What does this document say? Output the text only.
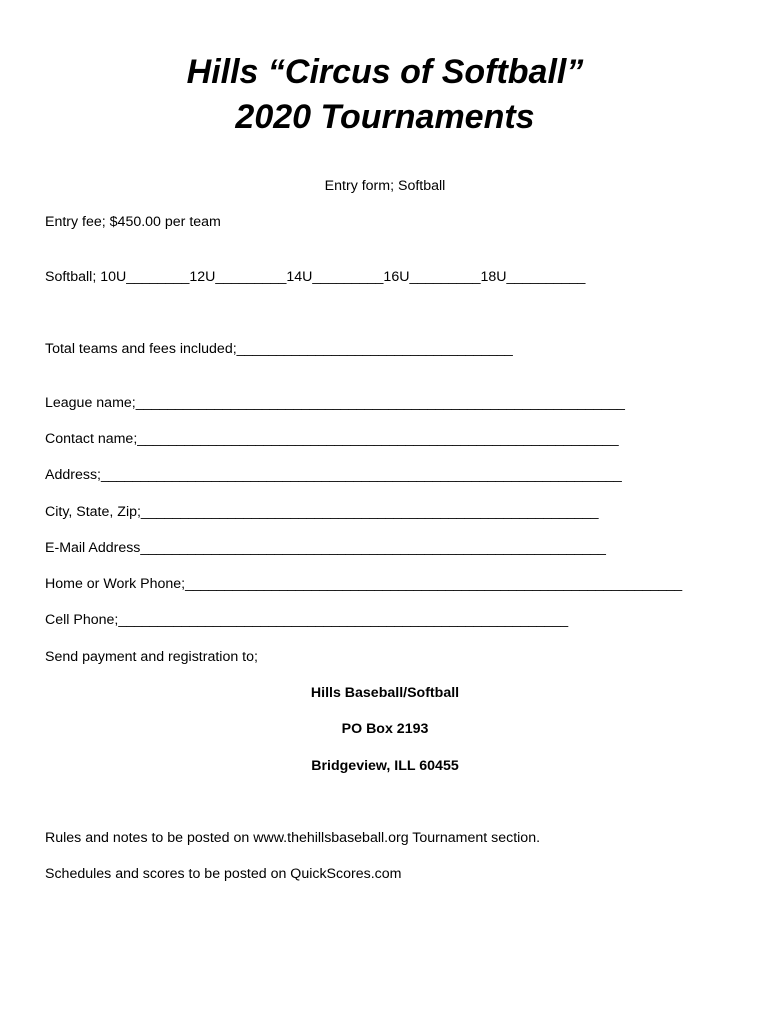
Hills “Circus of Softball”
2020 Tournaments
Entry form; Softball
Entry fee; $450.00 per team
Softball; 10U________12U_________14U_________16U_________18U__________
Total teams and fees included;___________________________________
League name;______________________________________________________________
Contact name;_____________________________________________________________
Address;__________________________________________________________________
City, State, Zip;__________________________________________________________
E-Mail Address___________________________________________________________
Home or Work Phone;_______________________________________________________________
Cell Phone;_________________________________________________________
Send payment and registration to;
Hills Baseball/Softball
PO Box 2193
Bridgeview, ILL 60455
Rules and notes to be posted on www.thehillsbaseball.org Tournament section.
Schedules and scores to be posted on QuickScores.com
